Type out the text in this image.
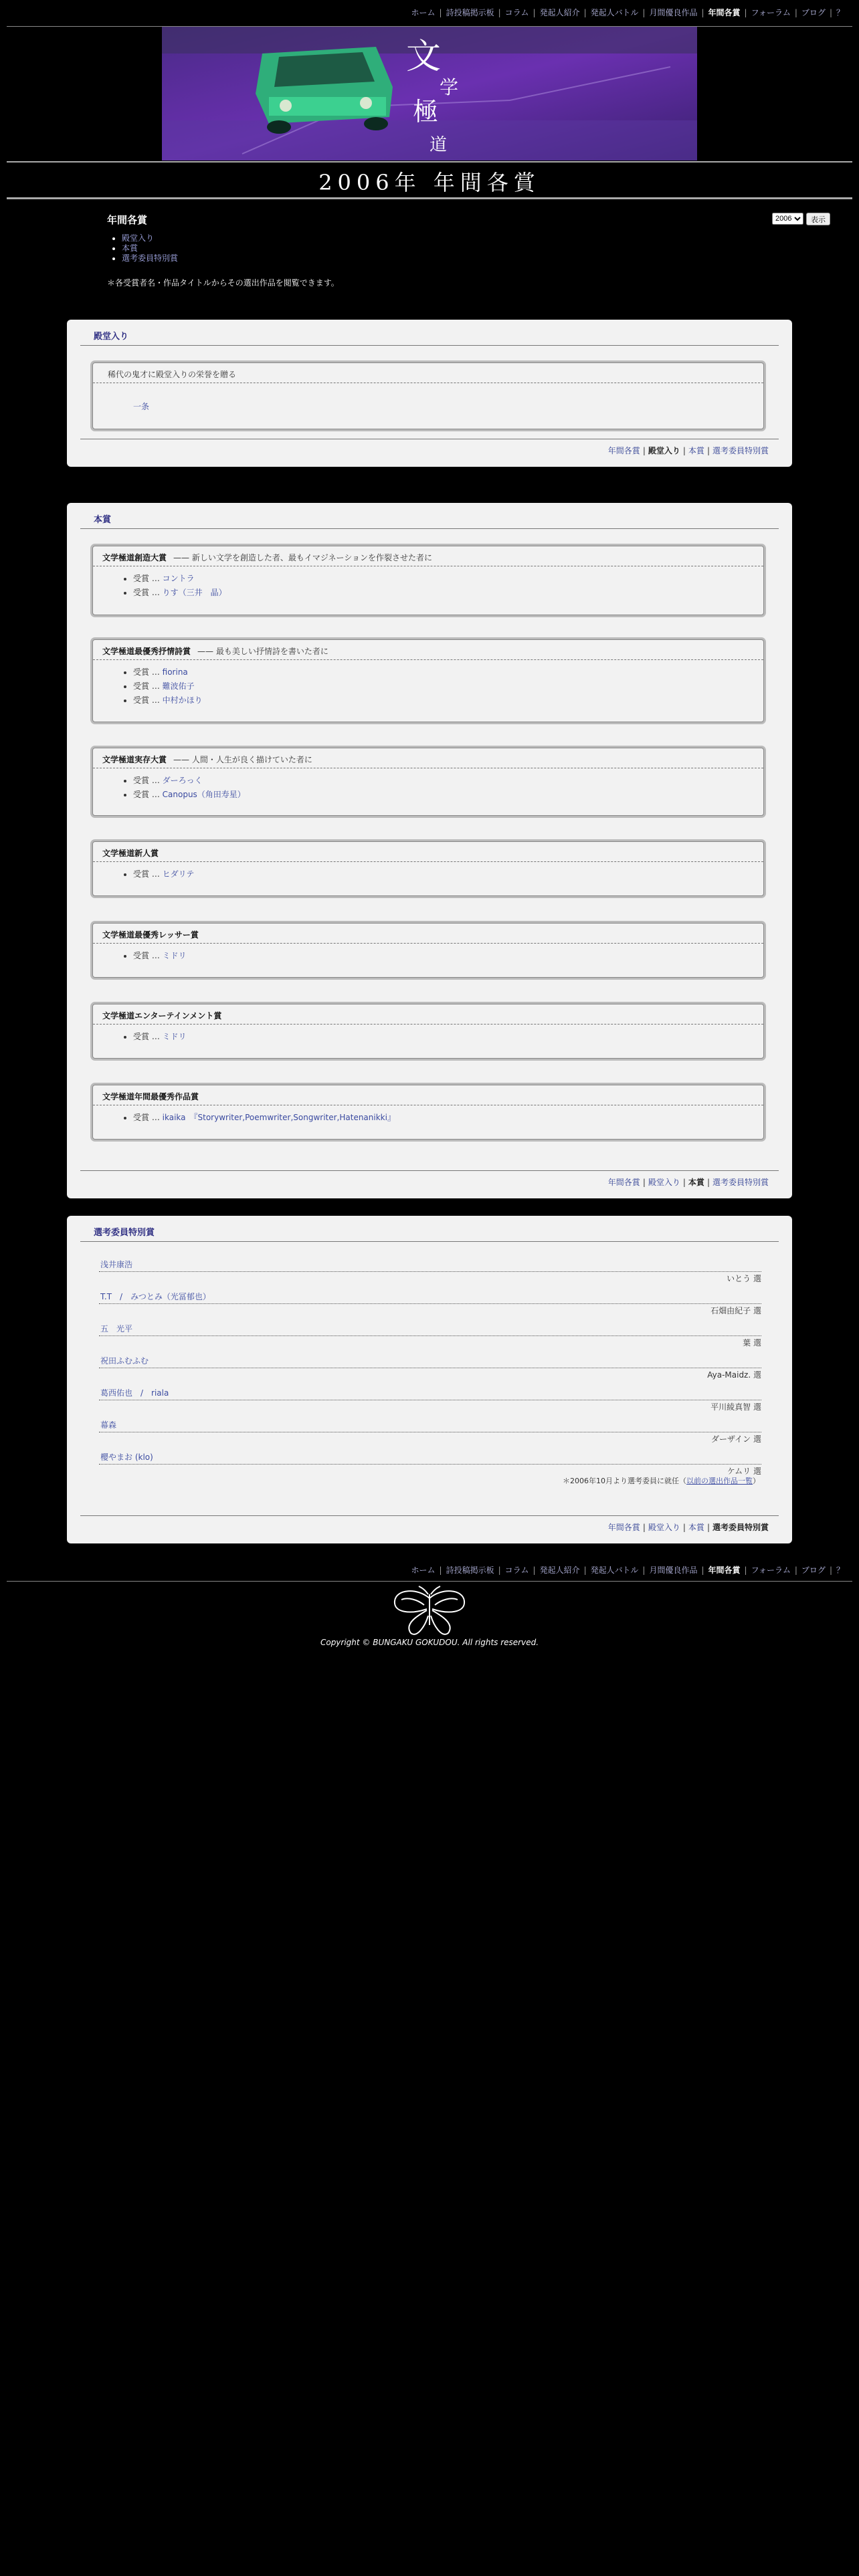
ホーム | 詩投稿掲示板 | コラム | 発起人紹介 | 発起人バトル | 月間優良作品 | 年間各賞 | フォーラム | ブログ | ？
文
学
極
道
2006年 年間各賞
年間各賞
• 殿堂入り
• 本賞
• 選考委員特別賞
＊各受賞者名・作品タイトルからその選出作品を閲覧できます。
2006
表示
殿堂入り
稀代の鬼才に殿堂入りの栄誉を贈る
一条
年間各賞 | 殿堂入り | 本賞 | 選考委員特別賞
本賞
文学極道創造大賞 —— 新しい文学を創造した者、最もイマジネーションを作裂させた者に
• 受賞 … コントラ
• 受賞 … りす（三井　晶）
文学極道最優秀抒情詩賞 —— 最も美しい抒情詩を書いた者に
• 受賞 … fiorina
• 受賞 … 難波佑子
• 受賞 … 中村かほり
文学極道実存大賞 —— 人間・人生が良く描けていた者に
• 受賞 … ダーろっく
• 受賞 … Canopus（角田寿星）
文学極道新人賞
• 受賞 … ヒダリテ
文学極道最優秀レッサー賞
• 受賞 … ミドリ
文学極道エンターテインメント賞
• 受賞 … ミドリ
文学極道年間最優秀作品賞
• 受賞 … ikaika　『Storywriter,Poemwriter,Songwriter,Hatenanikki』
年間各賞 | 殿堂入り | 本賞 | 選考委員特別賞
選考委員特別賞
浅井康浩
いとう 選
T.T　/　みつとみ（光冨郁也）
石畑由紀子 選
五　光平
葉 選
祝田ふむふむ
Aya-Maidz. 選
葛西佑也　/　riala
平川綾真智 選
幕森
ダーザイン 選
櫻やまお (klo)
ケムリ 選
＊2006年10月より選考委員に就任（以前の選出作品一覧）
年間各賞 | 殿堂入り | 本賞 | 選考委員特別賞
ホーム | 詩投稿掲示板 | コラム | 発起人紹介 | 発起人バトル | 月間優良作品 | 年間各賞 | フォーラム | ブログ | ？
Copyright © BUNGAKU GOKUDOU. All rights reserved.
